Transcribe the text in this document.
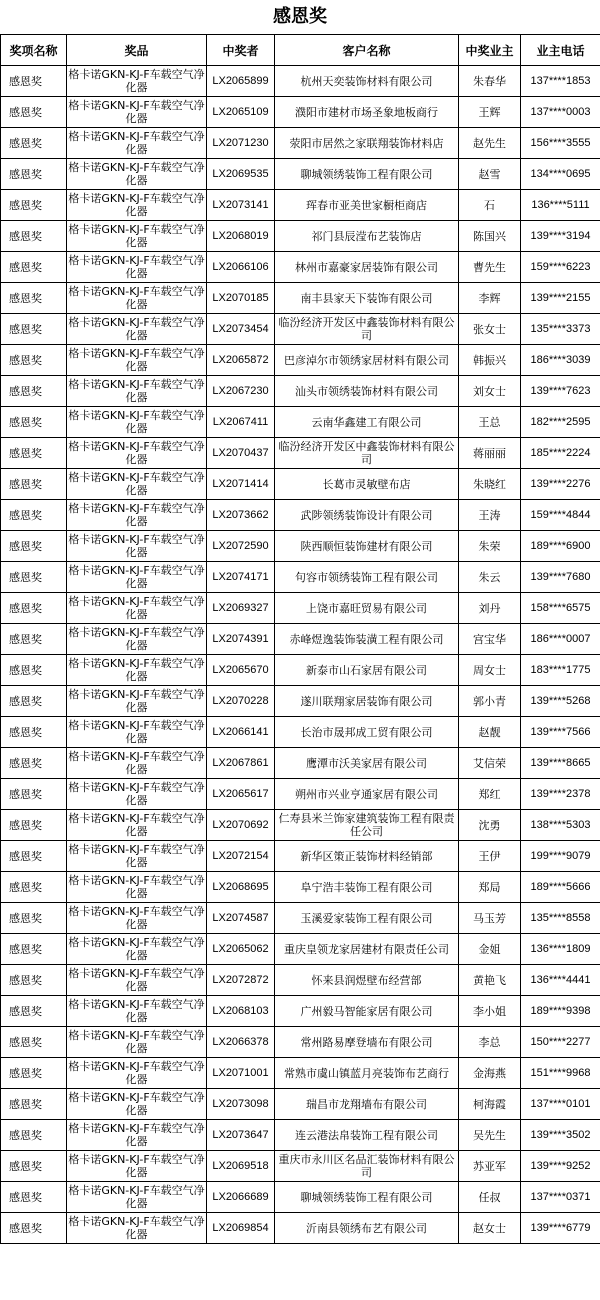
感恩奖
奖项名称	奖品	中奖者	客户名称	中奖业主	业主电话
感恩奖	格卡诺GKN-KJ-F车载空气净化器	LX2065899	杭州天奕装饰材料有限公司	朱春华	137****1853
感恩奖	格卡诺GKN-KJ-F车载空气净化器	LX2065109	濮阳市建材市场圣象地板商行	王辉	137****0003
感恩奖	格卡诺GKN-KJ-F车载空气净化器	LX2071230	荥阳市居然之家联翔装饰材料店	赵先生	156****3555
感恩奖	格卡诺GKN-KJ-F车载空气净化器	LX2069535	聊城领绣装饰工程有限公司	赵雪	134****0695
感恩奖	格卡诺GKN-KJ-F车载空气净化器	LX2073141	珲春市亚美世家橱柜商店	石	136****5111
感恩奖	格卡诺GKN-KJ-F车载空气净化器	LX2068019	祁门县辰滢布艺装饰店	陈国兴	139****3194
感恩奖	格卡诺GKN-KJ-F车载空气净化器	LX2066106	林州市嘉豪家居装饰有限公司	曹先生	159****6223
感恩奖	格卡诺GKN-KJ-F车载空气净化器	LX2070185	南丰县家天下装饰有限公司	李辉	139****2155
感恩奖	格卡诺GKN-KJ-F车载空气净化器	LX2073454	临汾经济开发区中鑫装饰材料有限公司	张女士	135****3373
感恩奖	格卡诺GKN-KJ-F车载空气净化器	LX2065872	巴彦淖尔市领绣家居材料有限公司	韩振兴	186****3039
感恩奖	格卡诺GKN-KJ-F车载空气净化器	LX2067230	汕头市领绣装饰材料有限公司	刘女士	139****7623
感恩奖	格卡诺GKN-KJ-F车载空气净化器	LX2067411	云南华鑫建工有限公司	王总	182****2595
感恩奖	格卡诺GKN-KJ-F车载空气净化器	LX2070437	临汾经济开发区中鑫装饰材料有限公司	蒋丽丽	185****2224
感恩奖	格卡诺GKN-KJ-F车载空气净化器	LX2071414	长葛市灵敏壁布店	朱晓红	139****2276
感恩奖	格卡诺GKN-KJ-F车载空气净化器	LX2073662	武陟领绣装饰设计有限公司	王涛	159****4844
感恩奖	格卡诺GKN-KJ-F车载空气净化器	LX2072590	陕西顺恒装饰建材有限公司	朱荣	189****6900
感恩奖	格卡诺GKN-KJ-F车载空气净化器	LX2074171	句容市领绣装饰工程有限公司	朱云	139****7680
感恩奖	格卡诺GKN-KJ-F车载空气净化器	LX2069327	上饶市嘉旺贸易有限公司	刘丹	158****6575
感恩奖	格卡诺GKN-KJ-F车载空气净化器	LX2074391	赤峰煜逸装饰装潢工程有限公司	宫宝华	186****0007
感恩奖	格卡诺GKN-KJ-F车载空气净化器	LX2065670	新泰市山石家居有限公司	周女士	183****1775
感恩奖	格卡诺GKN-KJ-F车载空气净化器	LX2070228	遂川联翔家居装饰有限公司	郭小青	139****5268
感恩奖	格卡诺GKN-KJ-F车载空气净化器	LX2066141	长治市晟邦成工贸有限公司	赵靓	139****7566
感恩奖	格卡诺GKN-KJ-F车载空气净化器	LX2067861	鹰潭市沃美家居有限公司	艾信荣	139****8665
感恩奖	格卡诺GKN-KJ-F车载空气净化器	LX2065617	朔州市兴业亨通家居有限公司	郑红	139****2378
感恩奖	格卡诺GKN-KJ-F车载空气净化器	LX2070692	仁寿县米兰饰家建筑装饰工程有限责任公司	沈勇	138****5303
感恩奖	格卡诺GKN-KJ-F车载空气净化器	LX2072154	新华区策正装饰材料经销部	王伊	199****9079
感恩奖	格卡诺GKN-KJ-F车载空气净化器	LX2068695	阜宁浩丰装饰工程有限公司	郑局	189****5666
感恩奖	格卡诺GKN-KJ-F车载空气净化器	LX2074587	玉溪爱家装饰工程有限公司	马玉芳	135****8558
感恩奖	格卡诺GKN-KJ-F车载空气净化器	LX2065062	重庆皇领龙家居建材有限责任公司	金姐	136****1809
感恩奖	格卡诺GKN-KJ-F车载空气净化器	LX2072872	怀来县润煜壁布经营部	黄艳飞	136****4441
感恩奖	格卡诺GKN-KJ-F车载空气净化器	LX2068103	广州毅马智能家居有限公司	李小姐	189****9398
感恩奖	格卡诺GKN-KJ-F车载空气净化器	LX2066378	常州路易摩登墙布有限公司	李总	150****2277
感恩奖	格卡诺GKN-KJ-F车载空气净化器	LX2071001	常熟市虞山镇蓝月亮装饰布艺商行	金海燕	151****9968
感恩奖	格卡诺GKN-KJ-F车载空气净化器	LX2073098	瑞昌市龙翔墙布有限公司	柯海霞	137****0101
感恩奖	格卡诺GKN-KJ-F车载空气净化器	LX2073647	连云港法帛装饰工程有限公司	吴先生	139****3502
感恩奖	格卡诺GKN-KJ-F车载空气净化器	LX2069518	重庆市永川区名品汇装饰材料有限公司	苏亚军	139****9252
感恩奖	格卡诺GKN-KJ-F车载空气净化器	LX2066689	聊城领绣装饰工程有限公司	任叔	137****0371
感恩奖	格卡诺GKN-KJ-F车载空气净化器	LX2069854	沂南县领绣布艺有限公司	赵女士	139****6779
